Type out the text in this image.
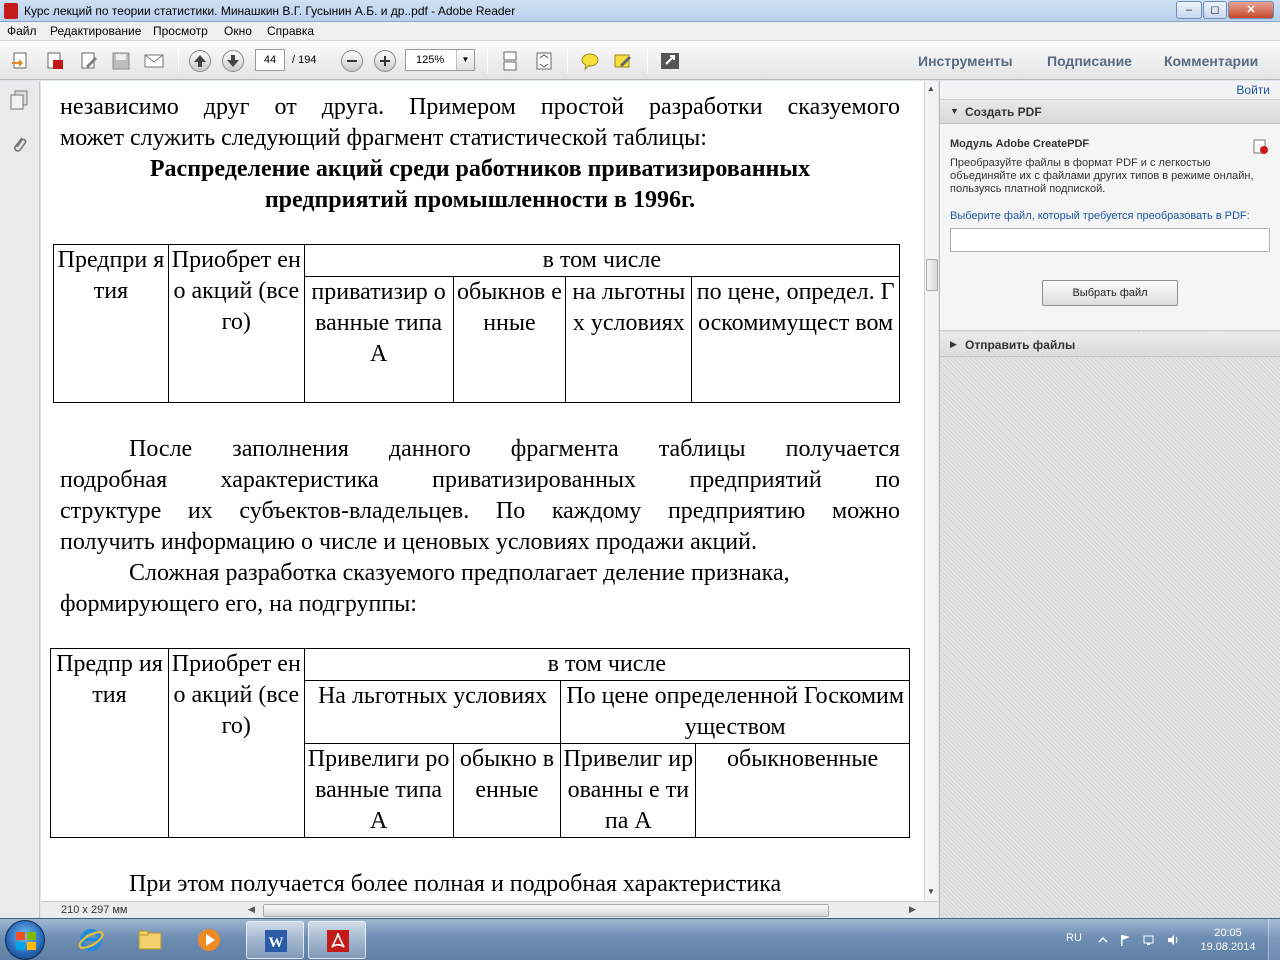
Курс лекций по теории статистики. Минашкин В.Г. Гусынин А.Б. и др..pdf - Adobe Reader	–	◻	✕
Файл Редактирование Просмотр Окно Справка
44
/ 194	125%	▼	Инструменты Подписание Комментарии
независимо друг от друга. Примером простой разработки сказуемого
может служить следующий фрагмент статистической таблицы:
Распределение акций среди работников приватизированных
предприятий промышленности в 1996г.
Предпри ятия	Приобрет ено акций (всего)	в том числе			
		приватизир ованные типа А	обыкнов енные	на льготных условиях	по цене, определ. Госкомимущест вом
После заполнения данного фрагмента таблицы получается
подробная характеристика приватизированных предприятий по
структуре их субъектов-владельцев. По каждому предприятию можно
получить информацию о числе и ценовых условиях продажи акций.
Сложная разработка сказуемого предполагает деление признака,
формирующего его, на подгруппы:
Предпр иятия	Приобрет ено акций (всего)	в том числе			
		На льготных условиях		По цене определенной Госкомимуществом	
		Привелиги рованные типа А	обыкно венные	Привелиг ированны е типа А	обыкновенные
При этом получается более полная и подробная характеристика
▲
▼
210 x 297 мм	◀	▶
Войти
▼ Создать PDF
Модуль Adobe CreatePDF
Преобразуйте файлы в формат PDF и с легкостью объединяйте их с файлами других типов в режиме онлайн, пользуясь платной подпиской.
Выберите файл, который требуется преобразовать в PDF:
Выбрать файл
▶ Отправить файлы
W	RU	20:05
19.08.2014
